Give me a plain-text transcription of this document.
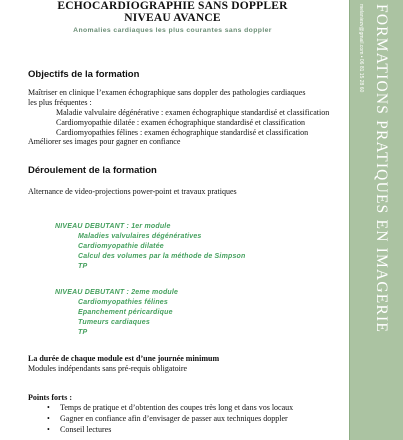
ECHOCARDIOGRAPHIE SANS DOPPLER
NIVEAU AVANCE
Anomalies cardiaques les plus courantes sans doppler
Objectifs de la formation
Maîtriser en clinique l’examen échographique sans doppler des pathologies cardiaques
les plus fréquentes :
Maladie valvulaire dégénérative : examen échographique standardisé et classification
Cardiomyopathie dilatée : examen échographique standardisé et classification
Cardiomyopathies félines : examen échographique standardisé et classification
Améliorer ses images pour gagner en confiance
Déroulement de la formation
Alternance de video-projections power-point et travaux pratiques
NIVEAU DEBUTANT : 1er module
Maladies valvulaires dégénératives
Cardiomyopathie dilatée
Calcul des volumes par la méthode de Simpson
TP
NIVEAU DEBUTANT : 2eme module
Cardiomyopathies félines
Epanchement péricardique
Tumeurs cardiaques
TP
La durée de chaque module est d’une journée minimum
Modules indépendants sans pré-requis obligatoire
Points forts :
• Temps de pratique et d’obtention des coupes très long et dans vos locaux
• Gagner en confiance afin d’envisager de passer aux techniques doppler
• Conseil lectures
FORMATIONS PRATIQUES EN IMAGERIE
melaniezv@gmail.com • 06 81 15 28 60
